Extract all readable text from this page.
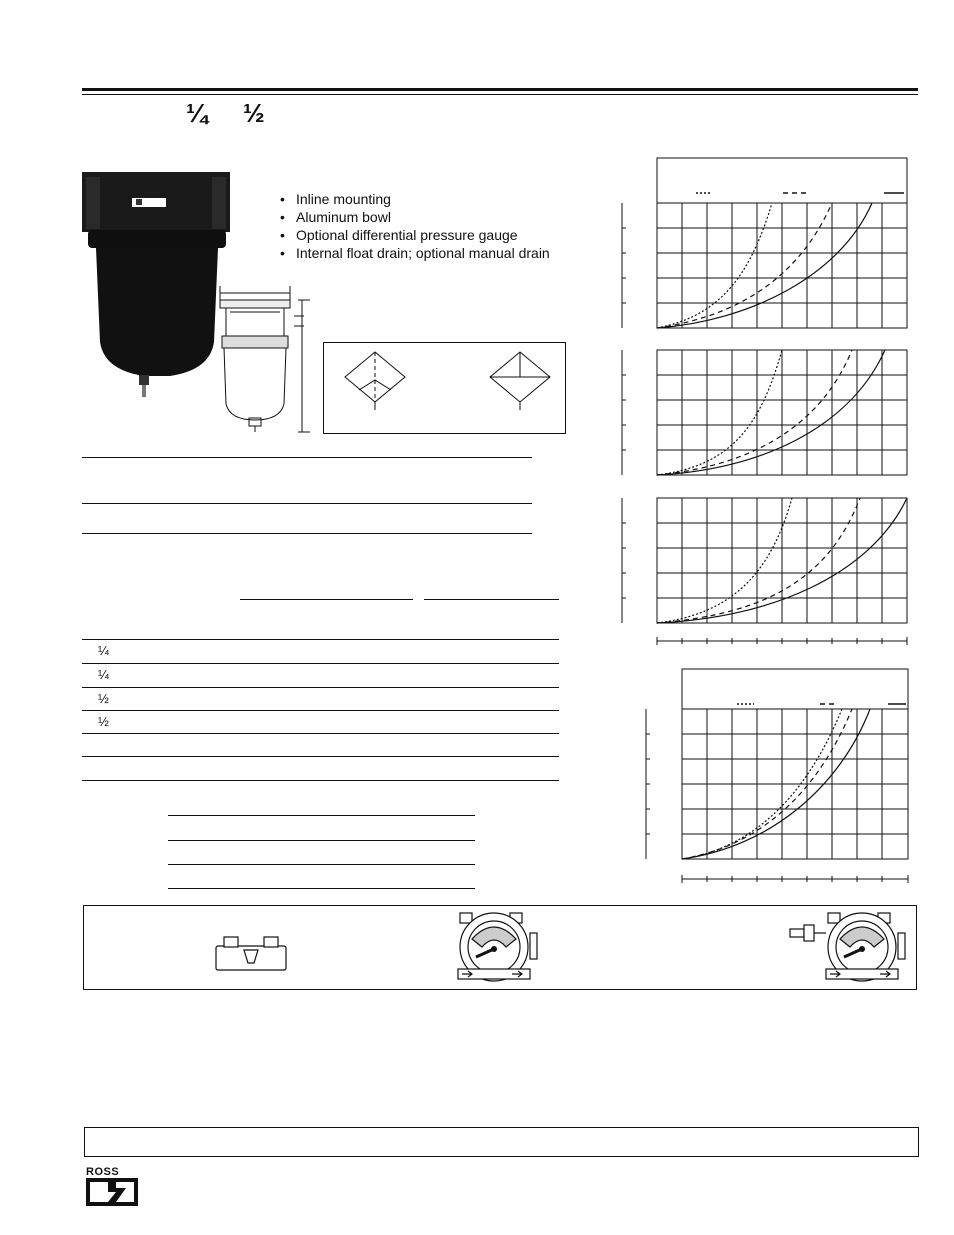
¼ ½
• Inline mounting
• Aluminum bowl
• Optional differential pressure gauge
• Internal float drain; optional manual drain
¼
¼
½
½
ROSS
